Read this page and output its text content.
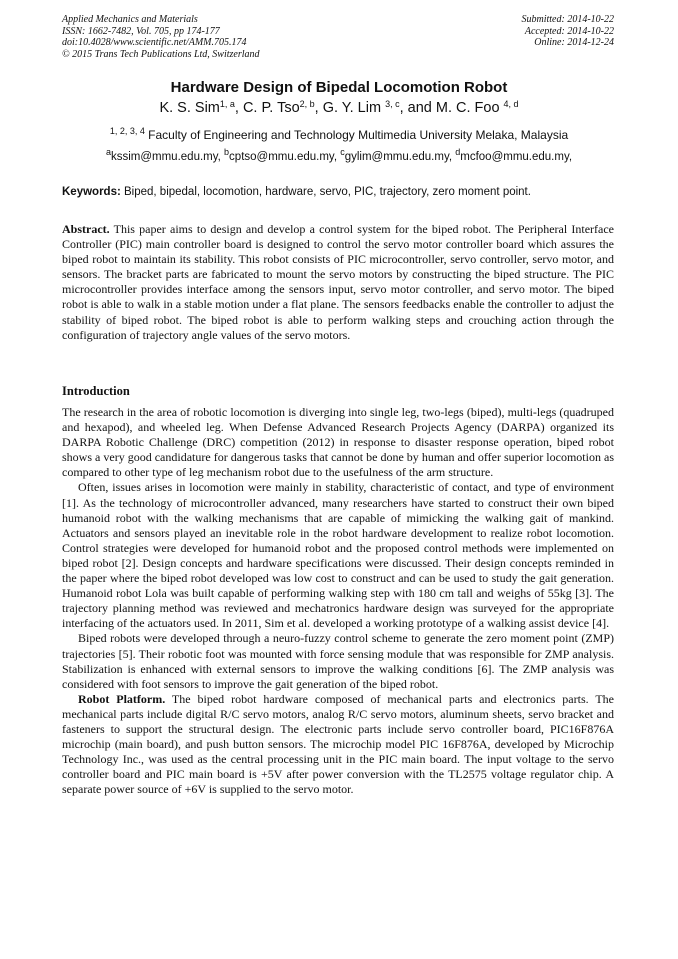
Applied Mechanics and Materials
ISSN: 1662-7482, Vol. 705, pp 174-177
doi:10.4028/www.scientific.net/AMM.705.174
© 2015 Trans Tech Publications Ltd, Switzerland
Submitted: 2014-10-22
Accepted: 2014-10-22
Online: 2014-12-24
Hardware Design of Bipedal Locomotion Robot
K. S. Sim$^{1, a}$, C. P. Tso$^{2, b}$, G. Y. Lim $^{3, c}$, and M. C. Foo $^{4, d}$
$^{1, 2, 3, 4}$ Faculty of Engineering and Technology Multimedia University Melaka, Malaysia
$^a$kssim@mmu.edu.my, $^b$cptso@mmu.edu.my, $^c$gylim@mmu.edu.my, $^d$mcfoo@mmu.edu.my,
Keywords: Biped, bipedal, locomotion, hardware, servo, PIC, trajectory, zero moment point.
Abstract. This paper aims to design and develop a control system for the biped robot. The Peripheral Interface Controller (PIC) main controller board is designed to control the servo motor controller board which assures the biped robot to maintain its stability. This robot consists of PIC microcontroller, servo controller, servo motor, and sensors. The bracket parts are fabricated to mount the servo motors by constructing the biped structure. The PIC microcontroller provides interface among the sensors input, servo motor controller, and servo motor. The biped robot is able to walk in a stable motion under a flat plane. The sensors feedbacks enable the controller to adjust the stability of biped robot. The biped robot is able to perform walking steps and crouching action through the configuration of trajectory angle values of the servo motors.
Introduction

The research in the area of robotic locomotion is diverging into single leg, two-legs (biped), multi-legs (quadruped and hexapod), and wheeled leg. When Defense Advanced Research Projects Agency (DARPA) organized its DARPA Robotic Challenge (DRC) competition (2012) in response to disaster response operation, biped robot shows a very good candidature for dangerous tasks that cannot be done by human and offer superior locomotion as compared to other type of leg mechanism robot due to the usefulness of the arm structure.

Often, issues arises in locomotion were mainly in stability, characteristic of contact, and type of environment [1]. As the technology of microcontroller advanced, many researchers have started to construct their own biped humanoid robot with the walking mechanisms that are capable of mimicking the walking gait of mankind. Actuators and sensors played an inevitable role in the robot hardware development to realize robot locomotion. Control strategies were developed for humanoid robot and the proposed control methods were implemented on biped robot [2]. Design concepts and hardware specifications were discussed. Their design concepts reminded in the paper where the biped robot developed was low cost to construct and can be used to study the gait generation. Humanoid robot Lola was built capable of performing walking step with 180 cm tall and weighs of 55kg [3]. The trajectory planning method was reviewed and mechatronics hardware design was surveyed for the appropriate interfacing of the actuators used. In 2011, Sim et al. developed a working prototype of a walking assist device [4].

Biped robots were developed through a neuro-fuzzy control scheme to generate the zero moment point (ZMP) trajectories [5]. Their robotic foot was mounted with force sensing module that was responsible for ZMP analysis. Stabilization is enhanced with external sensors to improve the walking conditions [6]. The ZMP analysis was considered with foot sensors to improve the gait generation of the biped robot.

Robot Platform. The biped robot hardware composed of mechanical parts and electronics parts. The mechanical parts include digital R/C servo motors, analog R/C servo motors, aluminum sheets, servo bracket and fasteners to support the structural design. The electronic parts include servo controller board, PIC16F876A microchip (main board), and push button sensors. The microchip model PIC 16F876A, developed by Microchip Technology Inc., was used as the central processing unit in the PIC main board. The input voltage to the servo controller board and PIC main board is +5V after power conversion with the TL2575 voltage regulator chip. A separate power source of +6V is supplied to the servo motor.
